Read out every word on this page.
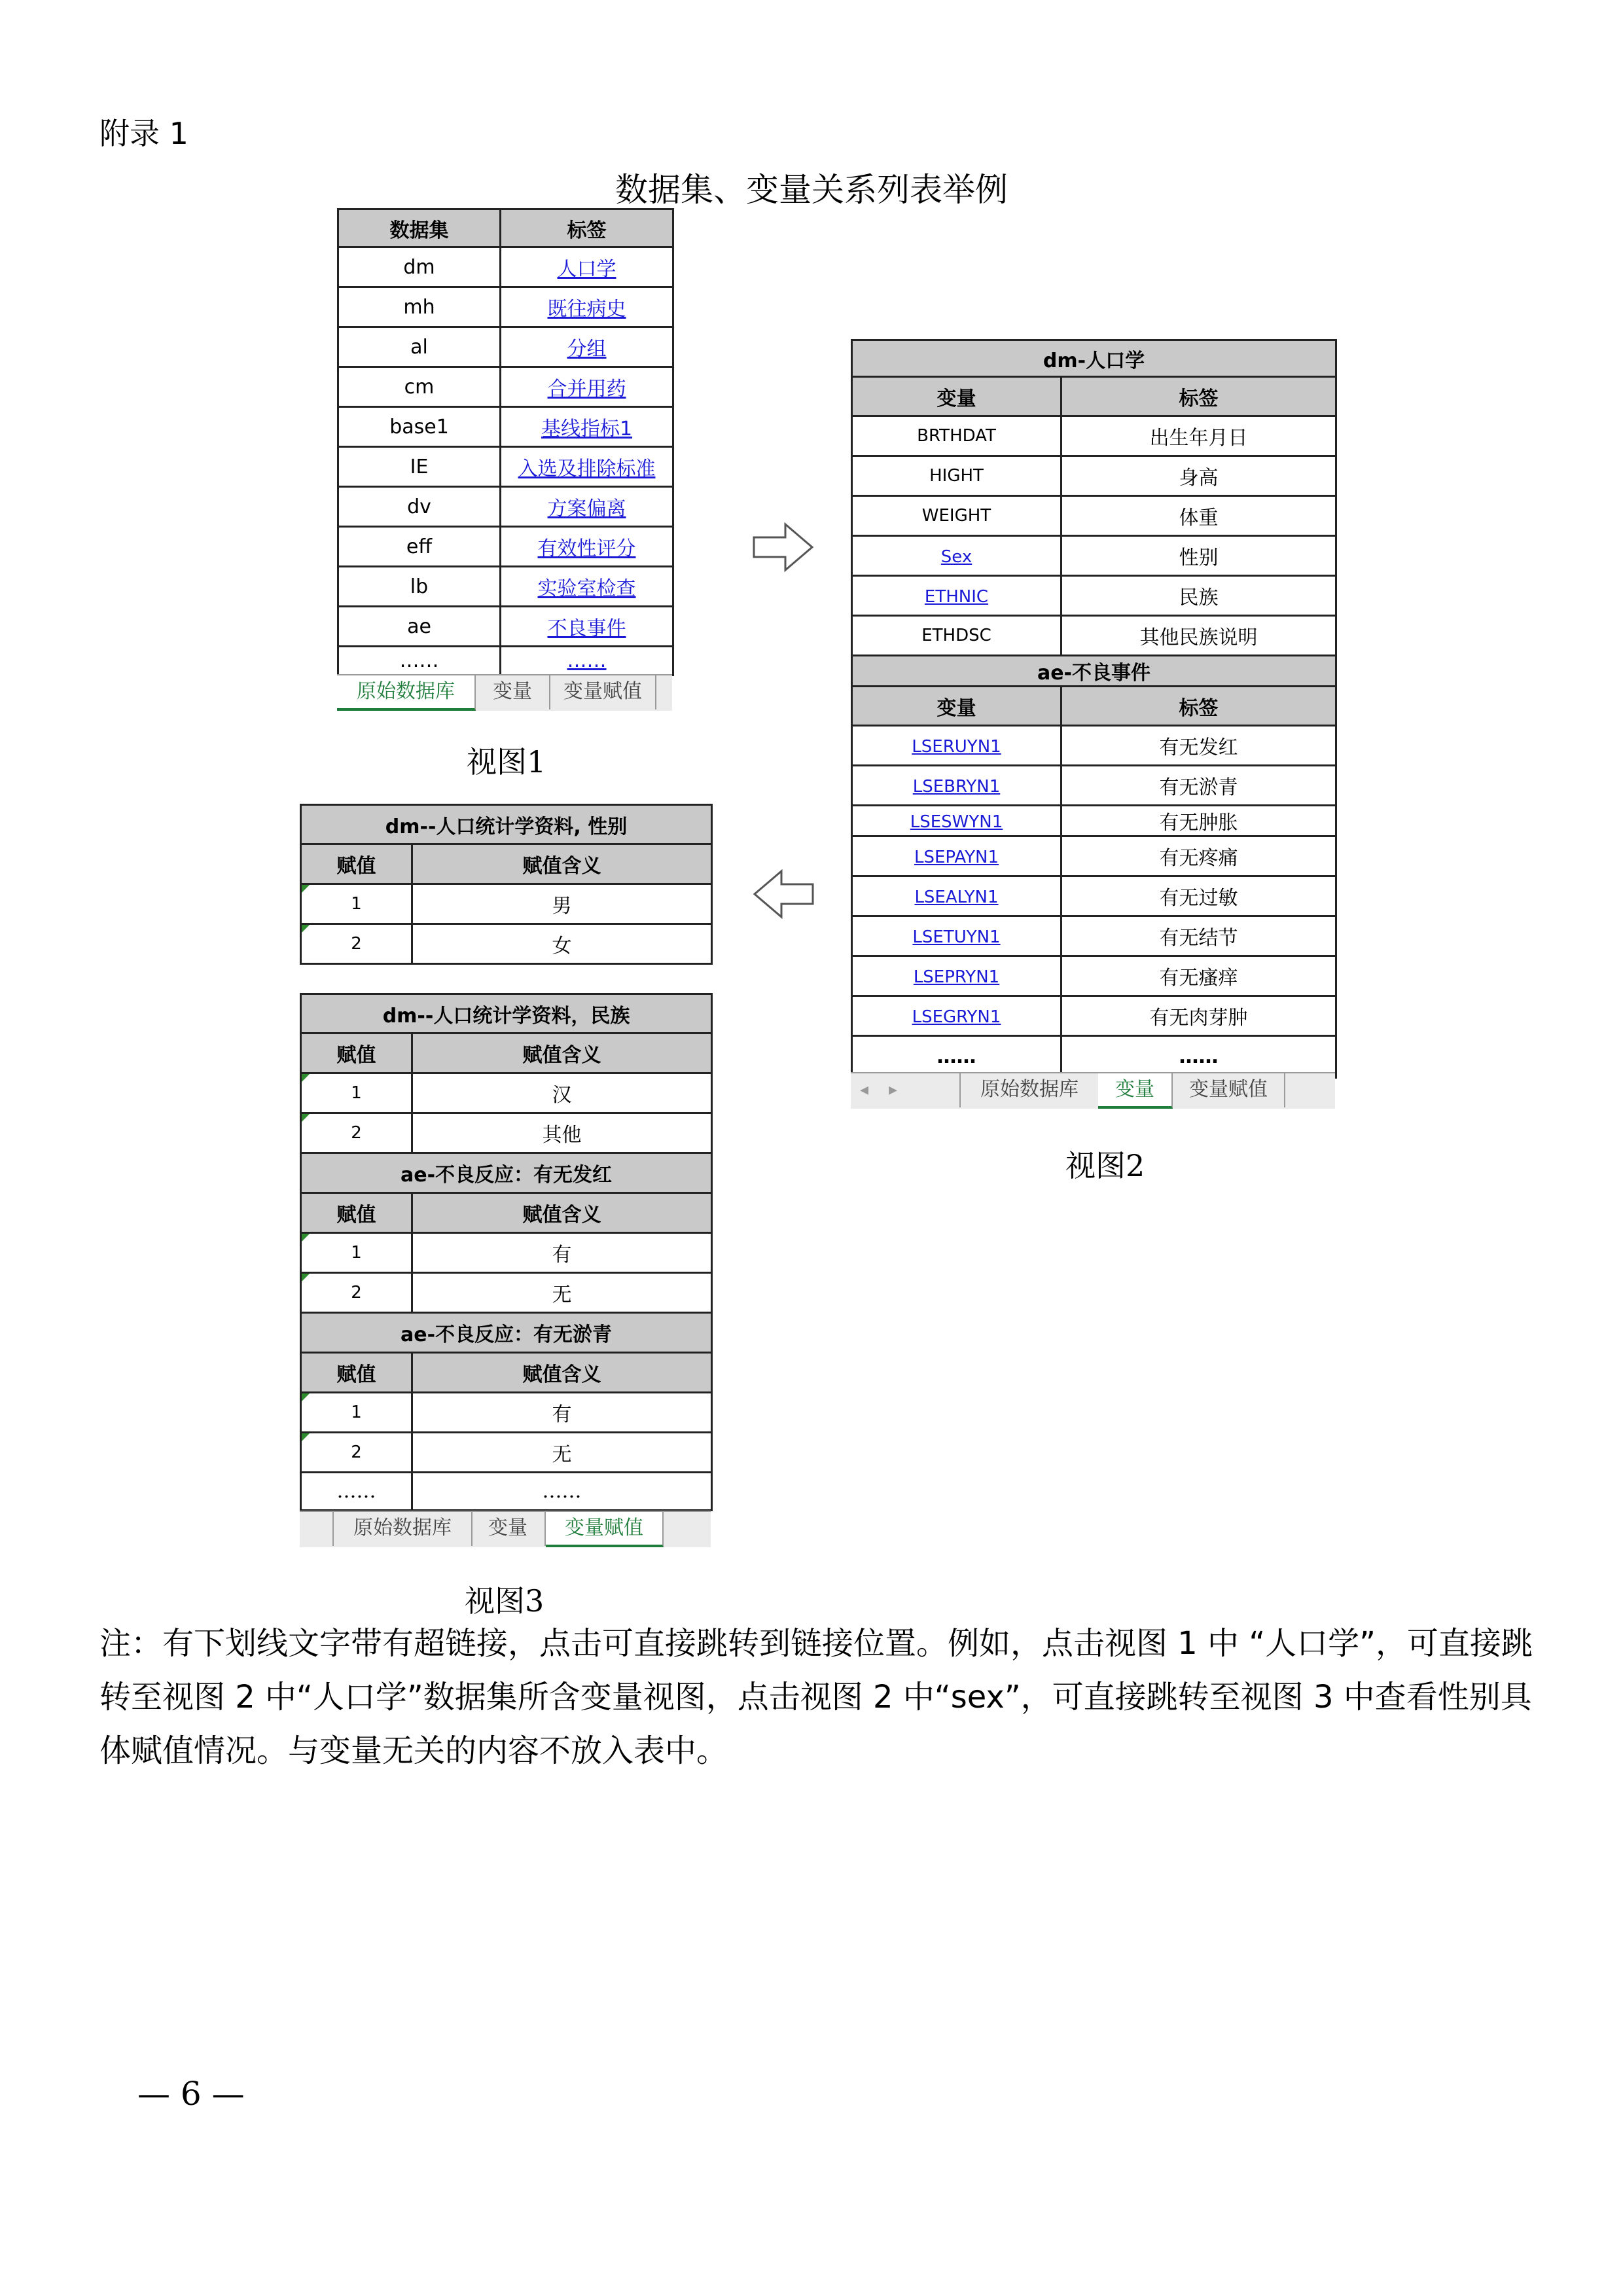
附录 1
数据集、变量关系列表举例
数据集	标签
dm	人口学
mh	既往病史
al	分组
cm	合并用药
base1	基线指标1
IE	入选及排除标准
dv	方案偏离
eff	有效性评分
lb	实验室检查
ae	不良事件
……	……
原始数据库	变量	变量赋值
视图1
dm-人口学	
变量	标签
BRTHDAT	出生年月日
HIGHT	身高
WEIGHT	体重
Sex	性别
ETHNIC	民族
ETHDSC	其他民族说明
ae-不良事件	
变量	标签
LSERUYN1	有无发红
LSEBRYN1	有无淤青
LSESWYN1	有无肿胀
LSEPAYN1	有无疼痛
LSEALYN1	有无过敏
LSETUYN1	有无结节
LSEPRYN1	有无瘙痒
LSEGRYN1	有无肉芽肿
……	……
◂ ▸	原始数据库	变量	变量赋值
视图2
dm--人口统计学资料, 性别	
赋值	赋值含义
1	男
2	女

dm--人口统计学资料，民族	
赋值	赋值含义
1	汉
2	其他
ae-不良反应：有无发红	
赋值	赋值含义
1	有
2	无
ae-不良反应：有无淤青	
赋值	赋值含义
1	有
2	无
……	……
原始数据库	变量	变量赋值
视图3
注：有下划线文字带有超链接，点击可直接跳转到链接位置。例如，点击视图 1 中 “人口学”，可直接跳转至视图 2 中“人口学”数据集所含变量视图，点击视图 2 中“sex”，可直接跳转至视图 3 中查看性别具体赋值情况。与变量无关的内容不放入表中。
— 6 —
